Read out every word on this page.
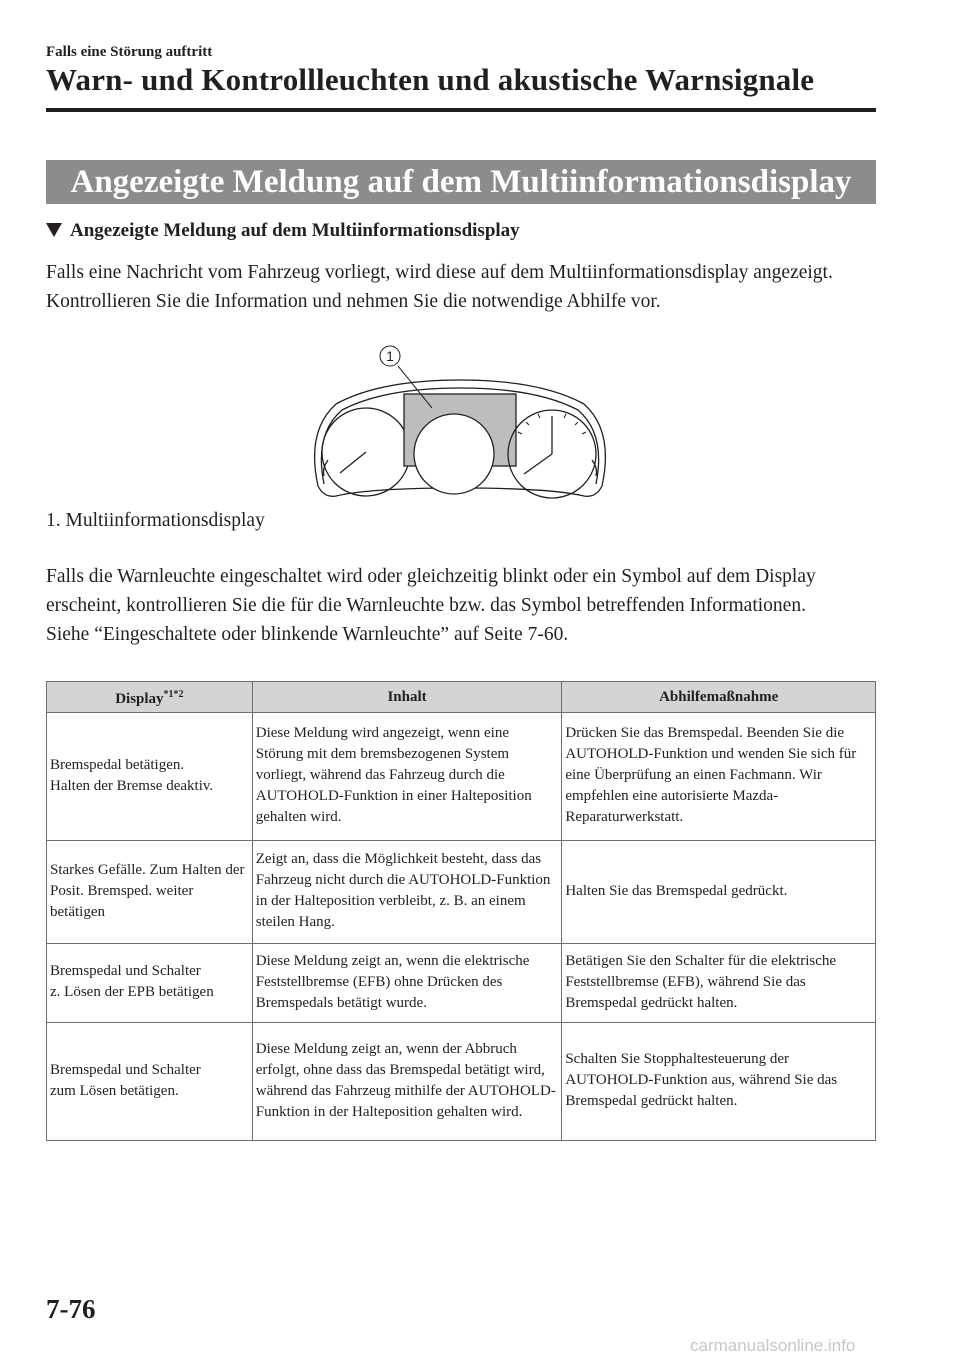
Falls eine Störung auftritt
Warn- und Kontrollleuchten und akustische Warnsignale
Angezeigte Meldung auf dem Multiinformationsdisplay
Angezeigte Meldung auf dem Multiinformationsdisplay
Falls eine Nachricht vom Fahrzeug vorliegt, wird diese auf dem Multiinformationsdisplay angezeigt. Kontrollieren Sie die Information und nehmen Sie die notwendige Abhilfe vor.
1
1. Multiinformationsdisplay
Falls die Warnleuchte eingeschaltet wird oder gleichzeitig blinkt oder ein Symbol auf dem Display erscheint, kontrollieren Sie die für die Warnleuchte bzw. das Symbol betreffenden Informationen.
Siehe “Eingeschaltete oder blinkende Warnleuchte” auf Seite 7-60.
Display$^{*1*2}$	Inhalt	Abhilfemaßnahme

Bremspedal betätigen.
Halten der Bremse deaktiv.	Diese Meldung wird angezeigt, wenn eine Störung mit dem bremsbezogenen System vorliegt, während das Fahrzeug durch die AUTOHOLD-Funktion in einer Halteposition gehalten wird.	Drücken Sie das Bremspedal. Beenden Sie die AUTOHOLD-Funktion und wenden Sie sich für eine Überprüfung an einen Fachmann. Wir empfehlen eine autorisierte Mazda-Reparaturwerkstatt.

Starkes Gefälle. Zum Halten der Posit. Bremsped. weiter betätigen	Zeigt an, dass die Möglichkeit besteht, dass das Fahrzeug nicht durch die AUTOHOLD-Funktion in der Halteposition verbleibt, z. B. an einem steilen Hang.	Halten Sie das Bremspedal gedrückt.

Bremspedal und Schalter
z. Lösen der EPB betätigen	Diese Meldung zeigt an, wenn die elektrische Feststellbremse (EFB) ohne Drücken des Bremspedals betätigt wurde.	Betätigen Sie den Schalter für die elektrische Feststellbremse (EFB), während Sie das Bremspedal gedrückt halten.

Bremspedal und Schalter
zum Lösen betätigen.	Diese Meldung zeigt an, wenn der Abbruch erfolgt, ohne dass das Bremspedal betätigt wird, während das Fahrzeug mithilfe der AUTOHOLD-Funktion in der Halteposition gehalten wird.	Schalten Sie Stopphaltesteuerung der AUTOHOLD-Funktion aus, während Sie das Bremspedal gedrückt halten.
7-76
carmanualsonline.info
